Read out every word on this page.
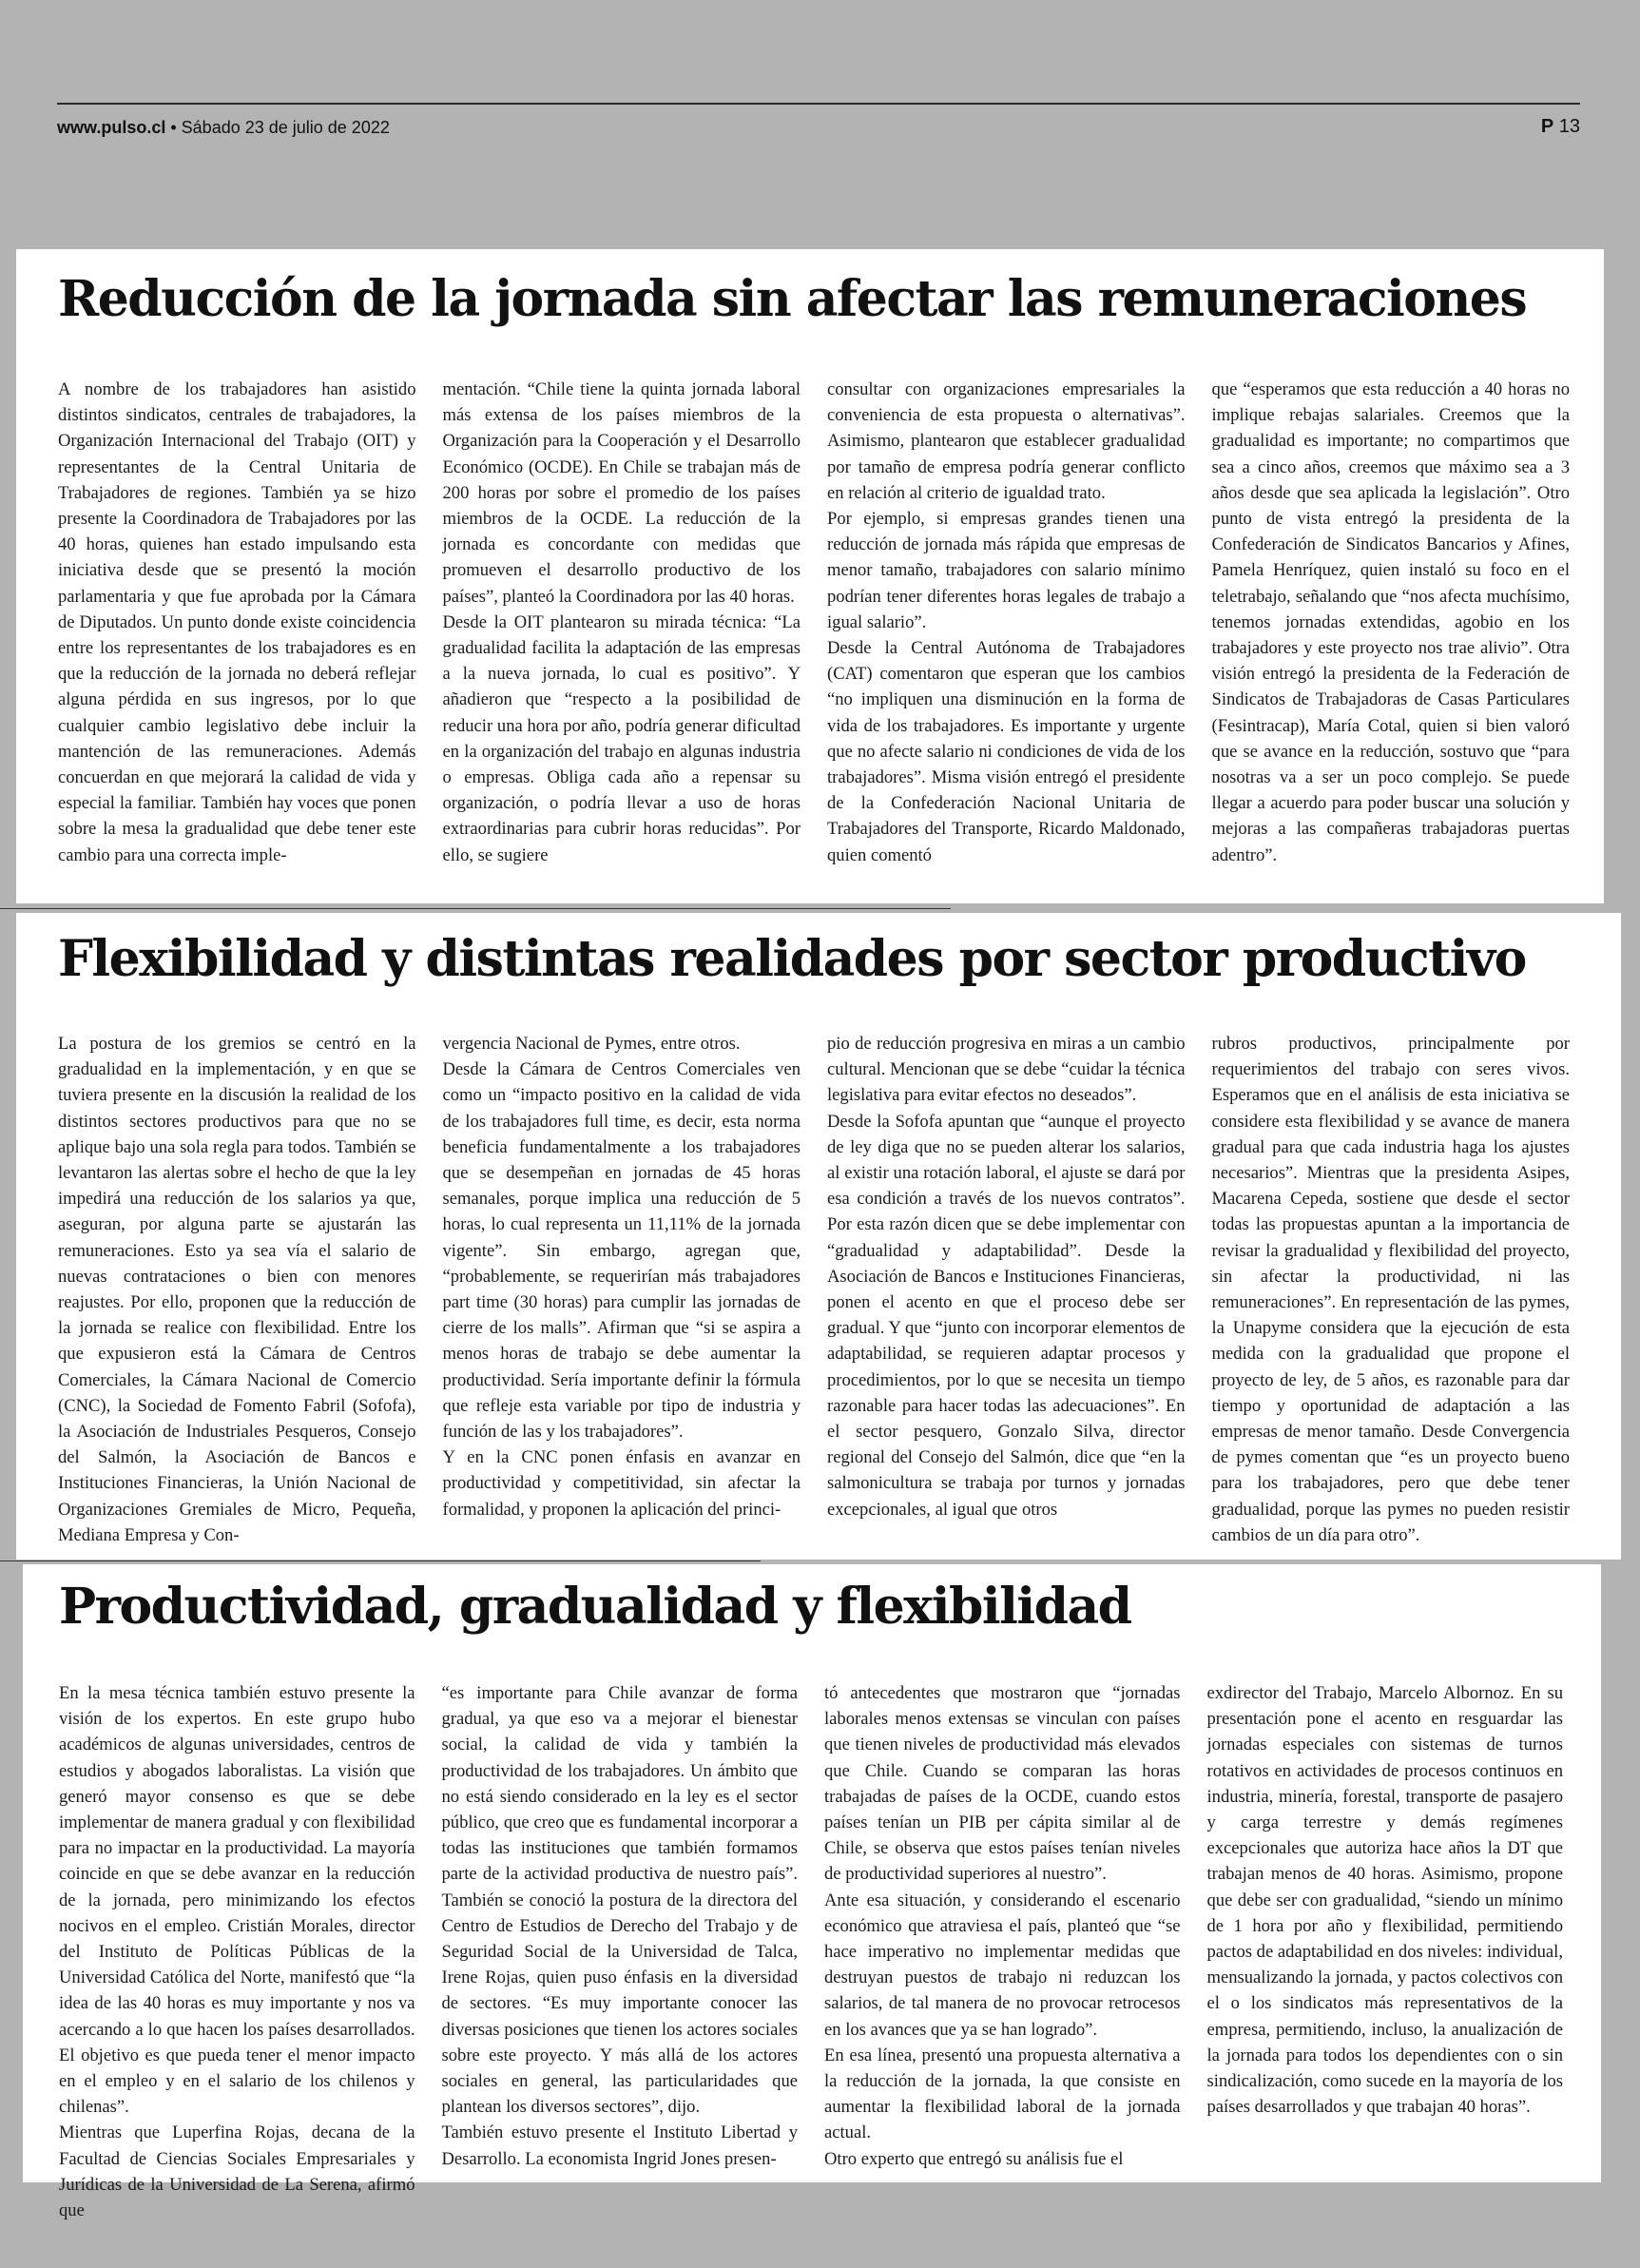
www.pulso.cl • Sábado 23 de julio de 2022	P 13
Reducción de la jornada sin afectar las remuneraciones

A nombre de los trabajadores han asistido distintos sindicatos, centrales de trabajadores, la Organización Internacional del Trabajo (OIT) y representantes de la Central Unitaria de Trabajadores de regiones. También ya se hizo presente la Coordinadora de Trabajadores por las 40 horas, quienes han estado impulsando esta iniciativa desde que se presentó la moción parlamentaria y que fue aprobada por la Cámara de Diputados. Un punto donde existe coincidencia entre los representantes de los trabajadores es en que la reducción de la jornada no deberá reflejar alguna pérdida en sus ingresos, por lo que cualquier cambio legislativo debe incluir la mantención de las remuneraciones. Además concuerdan en que mejorará la calidad de vida y especial la familiar. También hay voces que ponen sobre la mesa la gradualidad que debe tener este cambio para una correcta imple-

mentación. “Chile tiene la quinta jornada laboral más extensa de los países miembros de la Organización para la Cooperación y el Desarrollo Económico (OCDE). En Chile se trabajan más de 200 horas por sobre el promedio de los países miembros de la OCDE. La reducción de la jornada es concordante con medidas que promueven el desarrollo productivo de los países”, planteó la Coordinadora por las 40 horas.

Desde la OIT plantearon su mirada técnica: “La gradualidad facilita la adaptación de las empresas a la nueva jornada, lo cual es positivo”. Y añadieron que “respecto a la posibilidad de reducir una hora por año, podría generar dificultad en la organización del trabajo en algunas industria o empresas. Obliga cada año a repensar su organización, o podría llevar a uso de horas extraordinarias para cubrir horas reducidas”. Por ello, se sugiere

consultar con organizaciones empresariales la conveniencia de esta propuesta o alternativas”. Asimismo, plantearon que establecer gradualidad por tamaño de empresa podría generar conflicto en relación al criterio de igualdad trato.

Por ejemplo, si empresas grandes tienen una reducción de jornada más rápida que empresas de menor tamaño, trabajadores con salario mínimo podrían tener diferentes horas legales de trabajo a igual salario”.

Desde la Central Autónoma de Trabajadores (CAT) comentaron que esperan que los cambios “no impliquen una disminución en la forma de vida de los trabajadores. Es importante y urgente que no afecte salario ni condiciones de vida de los trabajadores”. Misma visión entregó el presidente de la Confederación Nacional Unitaria de Trabajadores del Transporte, Ricardo Maldonado, quien comentó

que “esperamos que esta reducción a 40 horas no implique rebajas salariales. Creemos que la gradualidad es importante; no compartimos que sea a cinco años, creemos que máximo sea a 3 años desde que sea aplicada la legislación”. Otro punto de vista entregó la presidenta de la Confederación de Sindicatos Bancarios y Afines, Pamela Henríquez, quien instaló su foco en el teletrabajo, señalando que “nos afecta muchísimo, tenemos jornadas extendidas, agobio en los trabajadores y este proyecto nos trae alivio”. Otra visión entregó la presidenta de la Federación de Sindicatos de Trabajadoras de Casas Particulares (Fesintracap), María Cotal, quien si bien valoró que se avance en la reducción, sostuvo que “para nosotras va a ser un poco complejo. Se puede llegar a acuerdo para poder buscar una solución y mejoras a las compañeras trabajadoras puertas adentro”.

Flexibilidad y distintas realidades por sector productivo

La postura de los gremios se centró en la gradualidad en la implementación, y en que se tuviera presente en la discusión la realidad de los distintos sectores productivos para que no se aplique bajo una sola regla para todos. También se levantaron las alertas sobre el hecho de que la ley impedirá una reducción de los salarios ya que, aseguran, por alguna parte se ajustarán las remuneraciones. Esto ya sea vía el salario de nuevas contrataciones o bien con menores reajustes. Por ello, proponen que la reducción de la jornada se realice con flexibilidad. Entre los que expusieron está la Cámara de Centros Comerciales, la Cámara Nacional de Comercio (CNC), la Sociedad de Fomento Fabril (Sofofa), la Asociación de Industriales Pesqueros, Consejo del Salmón, la Asociación de Bancos e Instituciones Financieras, la Unión Nacional de Organizaciones Gremiales de Micro, Pequeña, Mediana Empresa y Con-

vergencia Nacional de Pymes, entre otros.

Desde la Cámara de Centros Comerciales ven como un “impacto positivo en la calidad de vida de los trabajadores full time, es decir, esta norma beneficia fundamentalmente a los trabajadores que se desempeñan en jornadas de 45 horas semanales, porque implica una reducción de 5 horas, lo cual representa un 11,11% de la jornada vigente”. Sin embargo, agregan que, “probablemente, se requerirían más trabajadores part time (30 horas) para cumplir las jornadas de cierre de los malls”. Afirman que “si se aspira a menos horas de trabajo se debe aumentar la productividad. Sería importante definir la fórmula que refleje esta variable por tipo de industria y función de las y los trabajadores”.

Y en la CNC ponen énfasis en avanzar en productividad y competitividad, sin afectar la formalidad, y proponen la aplicación del princi-

pio de reducción progresiva en miras a un cambio cultural. Mencionan que se debe “cuidar la técnica legislativa para evitar efectos no deseados”.

Desde la Sofofa apuntan que “aunque el proyecto de ley diga que no se pueden alterar los salarios, al existir una rotación laboral, el ajuste se dará por esa condición a través de los nuevos contratos”. Por esta razón dicen que se debe implementar con “gradualidad y adaptabilidad”. Desde la Asociación de Bancos e Instituciones Financieras, ponen el acento en que el proceso debe ser gradual. Y que “junto con incorporar elementos de adaptabilidad, se requieren adaptar procesos y procedimientos, por lo que se necesita un tiempo razonable para hacer todas las adecuaciones”. En el sector pesquero, Gonzalo Silva, director regional del Consejo del Salmón, dice que “en la salmonicultura se trabaja por turnos y jornadas excepcionales, al igual que otros

rubros productivos, principalmente por requerimientos del trabajo con seres vivos. Esperamos que en el análisis de esta iniciativa se considere esta flexibilidad y se avance de manera gradual para que cada industria haga los ajustes necesarios”. Mientras que la presidenta Asipes, Macarena Cepeda, sostiene que desde el sector todas las propuestas apuntan a la importancia de revisar la gradualidad y flexibilidad del proyecto, sin afectar la productividad, ni las remuneraciones”. En representación de las pymes, la Unapyme considera que la ejecución de esta medida con la gradualidad que propone el proyecto de ley, de 5 años, es razonable para dar tiempo y oportunidad de adaptación a las empresas de menor tamaño. Desde Convergencia de pymes comentan que “es un proyecto bueno para los trabajadores, pero que debe tener gradualidad, porque las pymes no pueden resistir cambios de un día para otro”.

Productividad, gradualidad y flexibilidad

En la mesa técnica también estuvo presente la visión de los expertos. En este grupo hubo académicos de algunas universidades, centros de estudios y abogados laboralistas. La visión que generó mayor consenso es que se debe implementar de manera gradual y con flexibilidad para no impactar en la productividad. La mayoría coincide en que se debe avanzar en la reducción de la jornada, pero minimizando los efectos nocivos en el empleo. Cristián Morales, director del Instituto de Políticas Públicas de la Universidad Católica del Norte, manifestó que “la idea de las 40 horas es muy importante y nos va acercando a lo que hacen los países desarrollados. El objetivo es que pueda tener el menor impacto en el empleo y en el salario de los chilenos y chilenas”.

Mientras que Luperfina Rojas, decana de la Facultad de Ciencias Sociales Empresariales y Jurídicas de la Universidad de La Serena, afirmó que

“es importante para Chile avanzar de forma gradual, ya que eso va a mejorar el bienestar social, la calidad de vida y también la productividad de los trabajadores. Un ámbito que no está siendo considerado en la ley es el sector público, que creo que es fundamental incorporar a todas las instituciones que también formamos parte de la actividad productiva de nuestro país”. También se conoció la postura de la directora del Centro de Estudios de Derecho del Trabajo y de Seguridad Social de la Universidad de Talca, Irene Rojas, quien puso énfasis en la diversidad de sectores. “Es muy importante conocer las diversas posiciones que tienen los actores sociales sobre este proyecto. Y más allá de los actores sociales en general, las particularidades que plantean los diversos sectores”, dijo.

También estuvo presente el Instituto Libertad y Desarrollo. La economista Ingrid Jones presen-

tó antecedentes que mostraron que “jornadas laborales menos extensas se vinculan con países que tienen niveles de productividad más elevados que Chile. Cuando se comparan las horas trabajadas de países de la OCDE, cuando estos países tenían un PIB per cápita similar al de Chile, se observa que estos países tenían niveles de productividad superiores al nuestro”.

Ante esa situación, y considerando el escenario económico que atraviesa el país, planteó que “se hace imperativo no implementar medidas que destruyan puestos de trabajo ni reduzcan los salarios, de tal manera de no provocar retrocesos en los avances que ya se han logrado”.

En esa línea, presentó una propuesta alternativa a la reducción de la jornada, la que consiste en aumentar la flexibilidad laboral de la jornada actual.

Otro experto que entregó su análisis fue el

exdirector del Trabajo, Marcelo Albornoz. En su presentación pone el acento en resguardar las jornadas especiales con sistemas de turnos rotativos en actividades de procesos continuos en industria, minería, forestal, transporte de pasajero y carga terrestre y demás regímenes excepcionales que autoriza hace años la DT que trabajan menos de 40 horas. Asimismo, propone que debe ser con gradualidad, “siendo un mínimo de 1 hora por año y flexibilidad, permitiendo pactos de adaptabilidad en dos niveles: individual, mensualizando la jornada, y pactos colectivos con el o los sindicatos más representativos de la empresa, permitiendo, incluso, la anualización de la jornada para todos los dependientes con o sin sindicalización, como sucede en la mayoría de los países desarrollados y que trabajan 40 horas”.
